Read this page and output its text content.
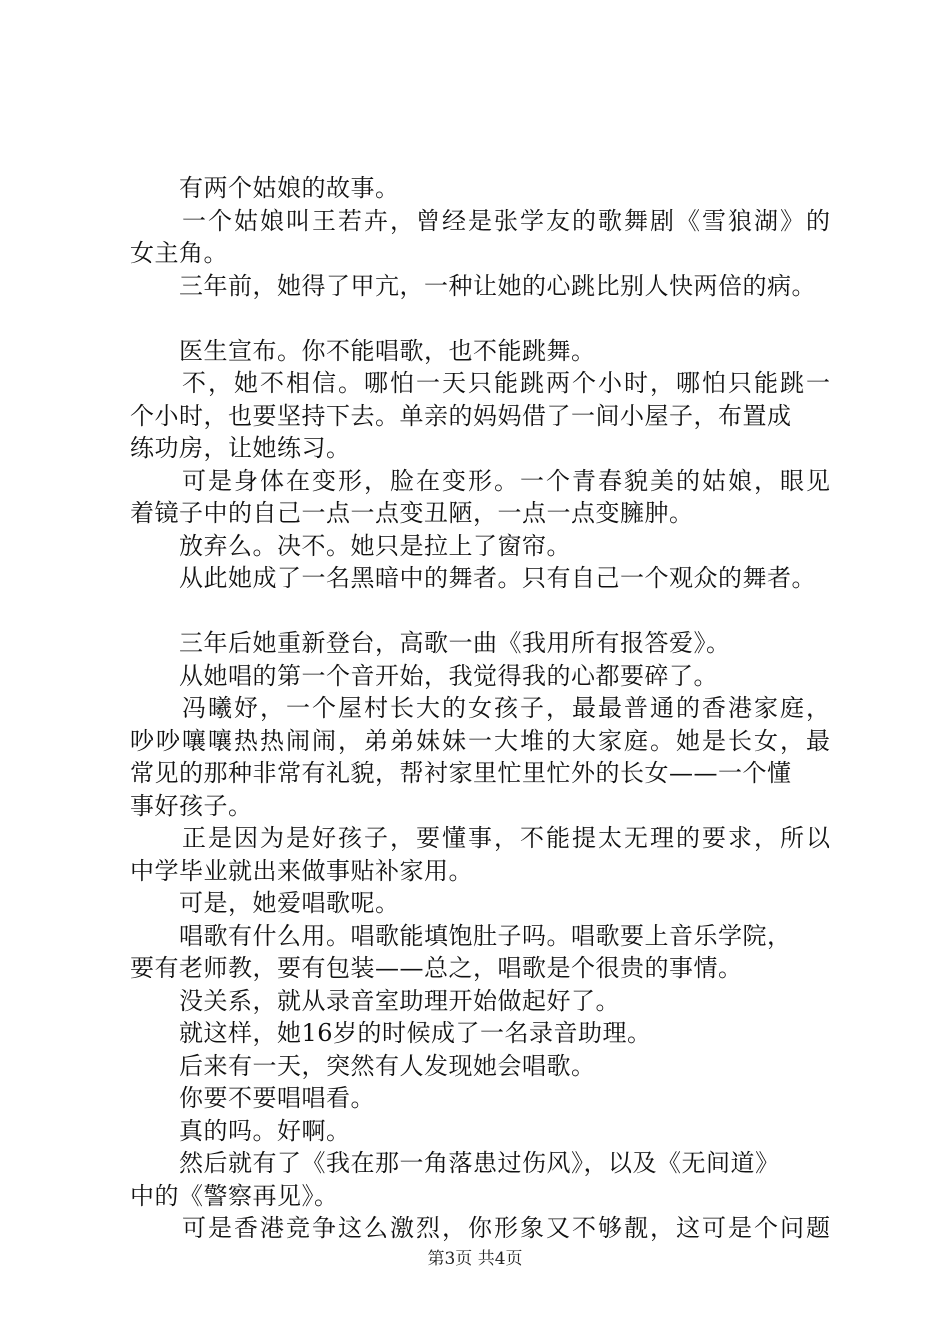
　　有两个姑娘的故事。
　　一个姑娘叫王若卉，曾经是张学友的歌舞剧《雪狼湖》的
女主角。
　　三年前，她得了甲亢，一种让她的心跳比别人快两倍的病。
　　医生宣布。你不能唱歌，也不能跳舞。
　　不，她不相信。哪怕一天只能跳两个小时，哪怕只能跳一
个小时，也要坚持下去。单亲的妈妈借了一间小屋子，布置成
练功房，让她练习。
　　可是身体在变形，脸在变形。一个青春貌美的姑娘，眼见
着镜子中的自己一点一点变丑陋，一点一点变臃肿。
　　放弃么。决不。她只是拉上了窗帘。
　　从此她成了一名黑暗中的舞者。只有自己一个观众的舞者。
　　三年后她重新登台，高歌一曲《我用所有报答爱》。
　　从她唱的第一个音开始，我觉得我的心都要碎了。
　　冯曦妤，一个屋村长大的女孩子，最最普通的香港家庭，
吵吵嚷嚷热热闹闹，弟弟妹妹一大堆的大家庭。她是长女，最
常见的那种非常有礼貌，帮衬家里忙里忙外的长女——一个懂
事好孩子。
　　正是因为是好孩子，要懂事，不能提太无理的要求，所以
中学毕业就出来做事贴补家用。
　　可是，她爱唱歌呢。
　　唱歌有什么用。唱歌能填饱肚子吗。唱歌要上音乐学院，
要有老师教，要有包装——总之，唱歌是个很贵的事情。
　　没关系，就从录音室助理开始做起好了。
　　就这样，她16岁的时候成了一名录音助理。
　　后来有一天，突然有人发现她会唱歌。
　　你要不要唱唱看。
　　真的吗。好啊。
　　然后就有了《我在那一角落患过伤风》，以及《无间道》
中的《警察再见》。
　　可是香港竞争这么激烈，你形象又不够靓，这可是个问题
第3页 共4页
